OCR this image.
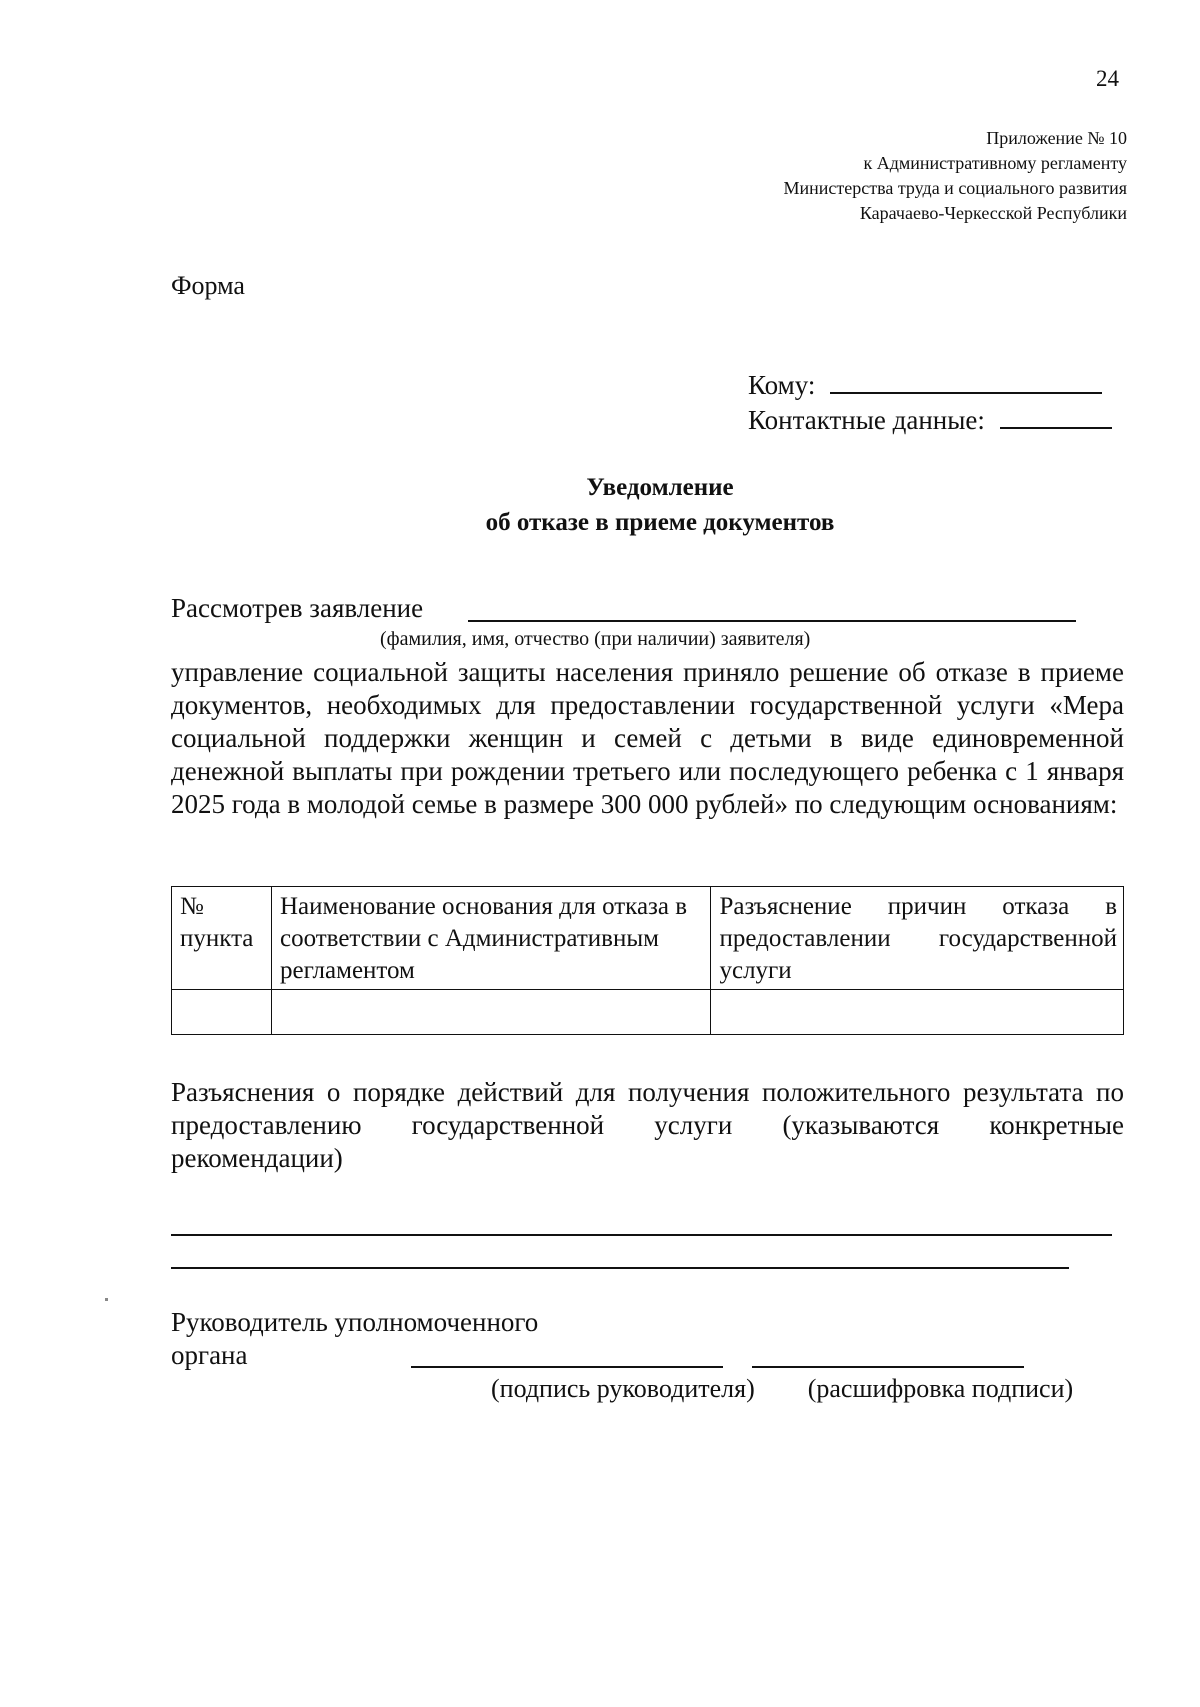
24
Приложение № 10
к Административному регламенту
Министерства труда и социального развития
Карачаево-Черкесской Республики
Форма
Кому:
Контактные данные:
Уведомление
об отказе в приеме документов
Рассмотрев заявление
(фамилия, имя, отчество (при наличии) заявителя)
управление социальной защиты населения приняло решение об отказе в приеме документов, необходимых для предоставлении государственной услуги «Мера социальной поддержки женщин и семей с детьми в виде единовременной денежной выплаты при рождении третьего или последующего ребенка с 1 января 2025 года в молодой семье в размере 300 000 рублей» по следующим основаниям:
№ пункта	Наименование основания для отказа в соответствии с Административным регламентом	Разъяснение причин отказа в предоставлении государственной услуги

Разъяснения о порядке действий для получения положительного результата по предоставлению государственной услуги (указываются конкретные рекомендации)
Руководитель уполномоченного
органа
(подпись руководителя) (расшифровка подписи)
